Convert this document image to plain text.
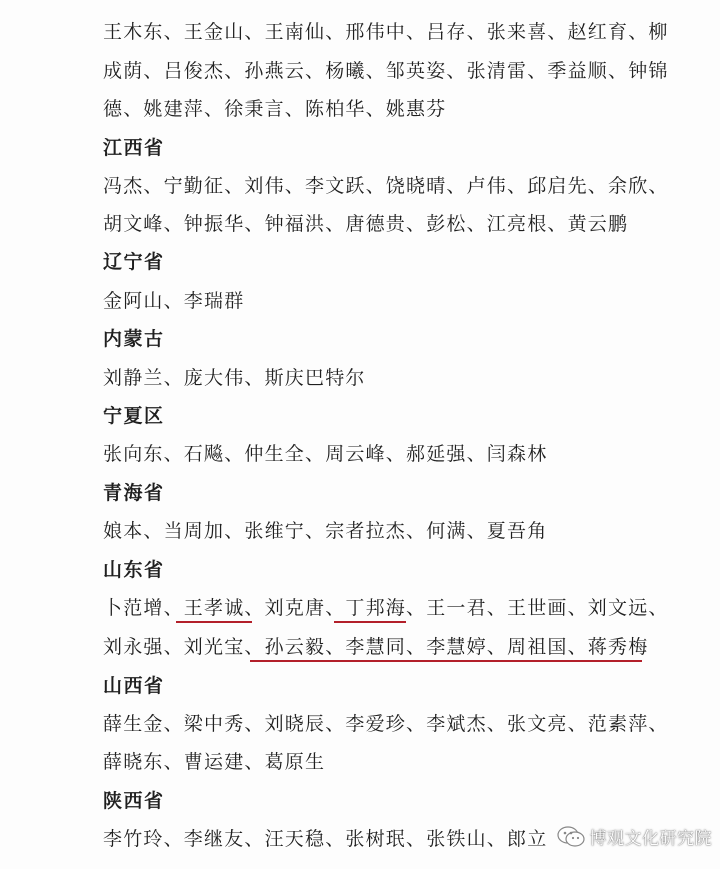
王木东、王金山、王南仙、邢伟中、吕存、张来喜、赵红育、柳
成荫、吕俊杰、孙燕云、杨曦、邹英姿、张清雷、季益顺、钟锦
德、姚建萍、徐秉言、陈柏华、姚惠芬
江西省
冯杰、宁勤征、刘伟、李文跃、饶晓晴、卢伟、邱启先、余欣、
胡文峰、钟振华、钟福洪、唐德贵、彭松、江亮根、黄云鹏
辽宁省
金阿山、李瑞群
内蒙古
刘静兰、庞大伟、斯庆巴特尔
宁夏区
张向东、石飚、仲生全、周云峰、郝延强、闫森林
青海省
娘本、当周加、张维宁、宗者拉杰、何满、夏吾角
山东省
卜范增、王孝诚、刘克唐、丁邦海、王一君、王世画、刘文远、
刘永强、刘光宝、孙云毅、李慧同、李慧婷、周祖国、蒋秀梅
山西省
薛生金、梁中秀、刘晓辰、李爱珍、李斌杰、张文亮、范素萍、
薛晓东、曹运建、葛原生
陕西省
李竹玲、李继友、汪天稳、张树珉、张铁山、郎立 博观文化研究院
